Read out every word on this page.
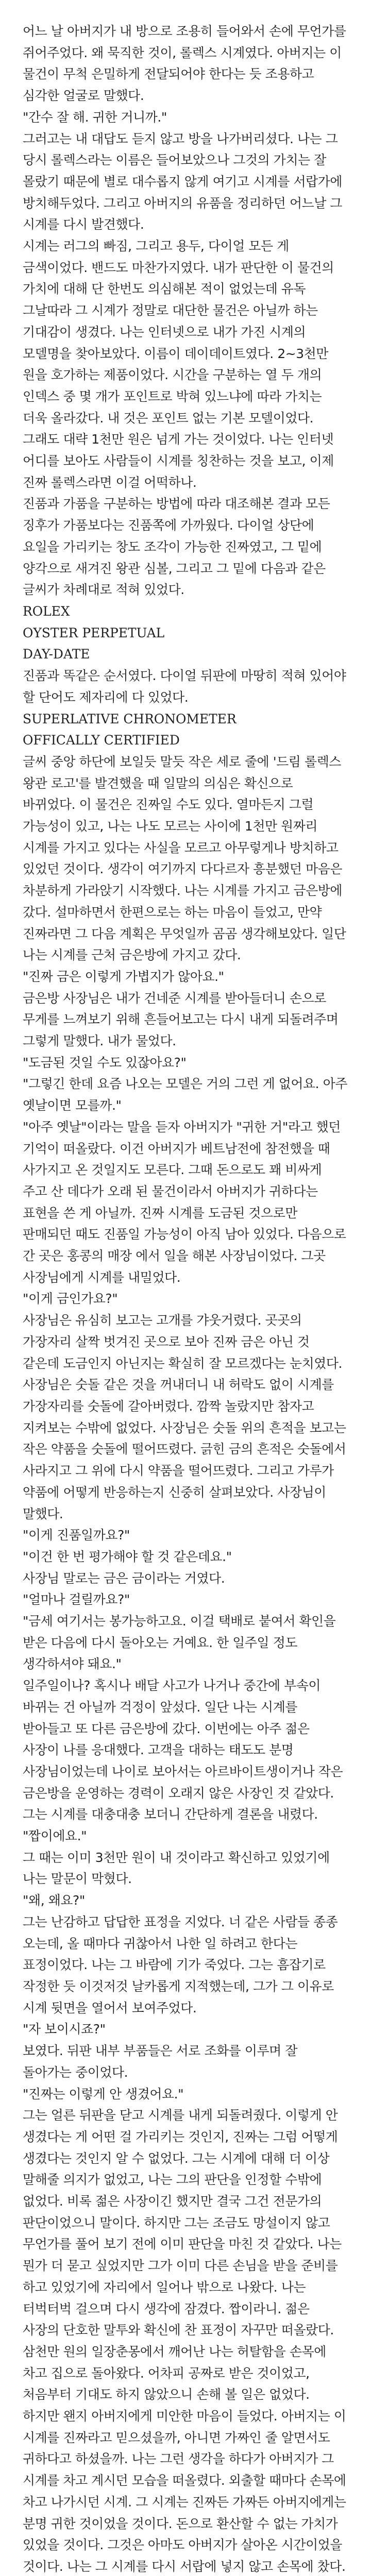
어느 날 아버지가 내 방으로 조용히 들어와서 손에 무언가를 쥐어주었다. 왜 묵직한 것이, 롤렉스 시계였다. 아버지는 이 물건이 무척 은밀하게 전달되어야 한다는 듯 조용하고 심각한 얼굴로 말했다.

"간수 잘 해. 귀한 거니까."

그러고는 내 대답도 듣지 않고 방을 나가버리셨다. 나는 그 당시 롤렉스라는 이름은 들어보았으나 그것의 가치는 잘 몰랐기 때문에 별로 대수롭지 않게 여기고 시계를 서랍가에 방치해두었다. 그리고 아버지의 유품을 정리하던 어느날 그 시계를 다시 발견했다.

시계는 러그의 빠짐, 그리고 용두, 다이얼 모든 게 금색이었다. 밴드도 마찬가지였다. 내가 판단한 이 물건의 가치에 대해 단 한번도 의심해본 적이 없었는데 유독 그날따라 그 시계가 정말로 대단한 물건은 아닐까 하는 기대감이 생겼다. 나는 인터넷으로 내가 가진 시계의 모델명을 찾아보았다. 이름이 데이데이트였다. 2~3천만 원을 호가하는 제품이었다. 시간을 구분하는 열 두 개의 인덱스 중 몇 개가 포인트로 박혀 있느냐에 따라 가치는 더욱 올라갔다. 내 것은 포인트 없는 기본 모델이었다. 그래도 대략 1천만 원은 넘게 가는 것이었다. 나는 인터넷 어디를 보아도 사람들이 시계를 칭찬하는 것을 보고, 이제 진짜 롤렉스라면 이걸 어떡하나.

진품과 가품을 구분하는 방법에 따라 대조해본 결과 모든 징후가 가품보다는 진품쪽에 가까웠다. 다이얼 상단에 요일을 가리키는 창도 조각이 가능한 진짜였고, 그 밑에 양각으로 새겨진 왕관 심볼, 그리고 그 밑에 다음과 같은 글씨가 차례대로 적혀 있었다.

ROLEX

OYSTER PERPETUAL

DAY-DATE

진품과 똑같은 순서였다. 다이얼 뒤판에 마땅히 적혀 있어야 할 단어도 제자리에 다 있었다.

SUPERLATIVE CHRONOMETER

OFFICALLY CERTIFIED

글씨 중앙 하단에 보일듯 말듯 작은 세로 줄에 '드림 롤렉스 왕관 로고'를 발견했을 때 일말의 의심은 확신으로 바뀌었다. 이 물건은 진짜일 수도 있다. 열마든지 그럴 가능성이 있고, 나는 나도 모르는 사이에 1천만 원짜리 시계를 가지고 있다는 사실을 모르고 아무렇게나 방치하고 있었던 것이다. 생각이 여기까지 다다르자 흥분했던 마음은 차분하게 가라앉기 시작했다. 나는 시계를 가지고 금은방에 갔다. 설마하면서 한편으로는 하는 마음이 들었고, 만약 진짜라면 그 다음 계획은 무엇일까 곰곰 생각해보았다. 일단 나는 시계를 근처 금은방에 가지고 갔다.

"진짜 금은 이렇게 가볍지가 않아요."

금은방 사장님은 내가 건네준 시계를 받아들더니 손으로 무게를 느껴보기 위해 흔들어보고는 다시 내게 되돌려주며 그렇게 말했다. 내가 물었다.

"도금된 것일 수도 있잖아요?"

"그렇긴 한데 요즘 나오는 모델은 거의 그런 게 없어요. 아주 옛날이면 모를까."

"아주 옛날"이라는 말을 듣자 아버지가 "귀한 거"라고 했던 기억이 떠올랐다. 이건 아버지가 베트남전에 참전했을 때 사가지고 온 것일지도 모른다. 그때 돈으로도 꽤 비싸게 주고 산 데다가 오래 된 물건이라서 아버지가 귀하다는 표현을 쓴 게 아닐까. 진짜 시계를 도금된 것으로만 판매되던 때도 진품일 가능성이 아직 남아 있었다. 다음으로 간 곳은 홍콩의 매장 에서 일을 해본 사장님이었다. 그곳 사장님에게 시계를 내밀었다.

"이게 금인가요?"

사장님은 유심히 보고는 고개를 갸웃거렸다. 곳곳의 가장자리 살짝 벗겨진 곳으로 보아 진짜 금은 아닌 것 같은데 도금인지 아닌지는 확실히 잘 모르겠다는 눈치였다. 사장님은 숫돌 같은 것을 꺼내더니 내 허락도 없이 시계를 가장자리를 숫돌에 갈아버렸다. 깜짝 놀랐지만 참자고 지켜보는 수밖에 없었다. 사장님은 숫돌 위의 흔적을 보고는 작은 약품을 숫돌에 떨어뜨렸다. 긁힌 금의 흔적은 숫돌에서 사라지고 그 위에 다시 약품을 떨어뜨렸다. 그리고 가루가 약품에 어떻게 반응하는지 신중히 살펴보았다. 사장님이 말했다.

"이게 진품일까요?"

"이건 한 번 평가해야 할 것 같은데요."

사장님 말로는 금은 금이라는 거였다.

"얼마나 걸릴까요?"

"금세 여기서는 봉가능하고요. 이걸 택배로 붙여서 확인을 받은 다음에 다시 돌아오는 거예요. 한 일주일 정도 생각하셔야 돼요."

일주일이나? 혹시나 배달 사고가 나거나 중간에 부속이 바뀌는 건 아닐까 걱정이 앞섰다. 일단 나는 시계를 받아들고 또 다른 금은방에 갔다. 이번에는 아주 젊은 사장이 나를 응대했다. 고객을 대하는 태도도 분명 사장님이었는데 나이로 보아서는 아르바이트생이거나 작은 금은방을 운영하는 경력이 오래지 않은 사장인 것 같았다. 그는 시계를 대충대충 보더니 간단하게 결론을 내렸다.

"짭이에요."

그 때는 이미 3천만 원이 내 것이라고 확신하고 있었기에 나는 말문이 막혔다.

"왜, 왜요?"

그는 난감하고 답답한 표정을 지었다. 너 같은 사람들 종종 오는데, 올 때마다 귀찮아서 나한 일 하려고 한다는 표정이었다. 나는 그 바람에 기가 죽었다. 그는 흠잡기로 작정한 듯 이것저것 날카롭게 지적했는데, 그가 그 이유로 시계 뒷면을 열어서 보여주었다.

"자 보이시죠?"

보였다. 뒤판 내부 부품들은 서로 조화를 이루며 잘 돌아가는 중이었다.

"진짜는 이렇게 안 생겼어요."

그는 얼른 뒤판을 닫고 시계를 내게 되돌려줬다. 이렇게 안 생겼다는 게 어떤 걸 가리키는 것인지, 진짜는 그럼 어떻게 생겼다는 것인지 알 수 없었다. 그는 시계에 대해 더 이상 말해줄 의지가 없었고, 나는 그의 판단을 인정할 수밖에 없었다. 비록 젊은 사장이긴 했지만 결국 그건 전문가의 판단이었으니 말이다. 하지만 그는 조금도 망설이지 않고 무언가를 풀어 보기 전에 이미 판단을 마친 것 같았다. 나는 뭔가 더 묻고 싶었지만 그가 이미 다른 손님을 받을 준비를 하고 있었기에 자리에서 일어나 밖으로 나왔다. 나는 터벅터벅 걸으며 다시 생각에 잠겼다. 짭이라니. 젊은 사장의 단호한 말투와 확신에 찬 표정이 자꾸만 떠올랐다.

삼천만 원의 일장춘몽에서 깨어난 나는 허탈함을 손목에 차고 집으로 돌아왔다. 어차피 공짜로 받은 것이었고, 처음부터 기대도 하지 않았으니 손해 볼 일은 없었다. 하지만 왠지 아버지에게 미안한 마음이 들었다. 아버지는 이 시계를 진짜라고 믿으셨을까, 아니면 가짜인 줄 알면서도 귀하다고 하셨을까. 나는 그런 생각을 하다가 아버지가 그 시계를 차고 계시던 모습을 떠올렸다. 외출할 때마다 손목에 차고 나가시던 시계. 그 시계는 진짜든 가짜든 아버지에게는 분명 귀한 것이었을 것이다. 돈으로 환산할 수 없는 가치가 있었을 것이다. 그것은 아마도 아버지가 살아온 시간이었을 것이다. 나는 그 시계를 다시 서랍에 넣지 않고 손목에 찼다.
